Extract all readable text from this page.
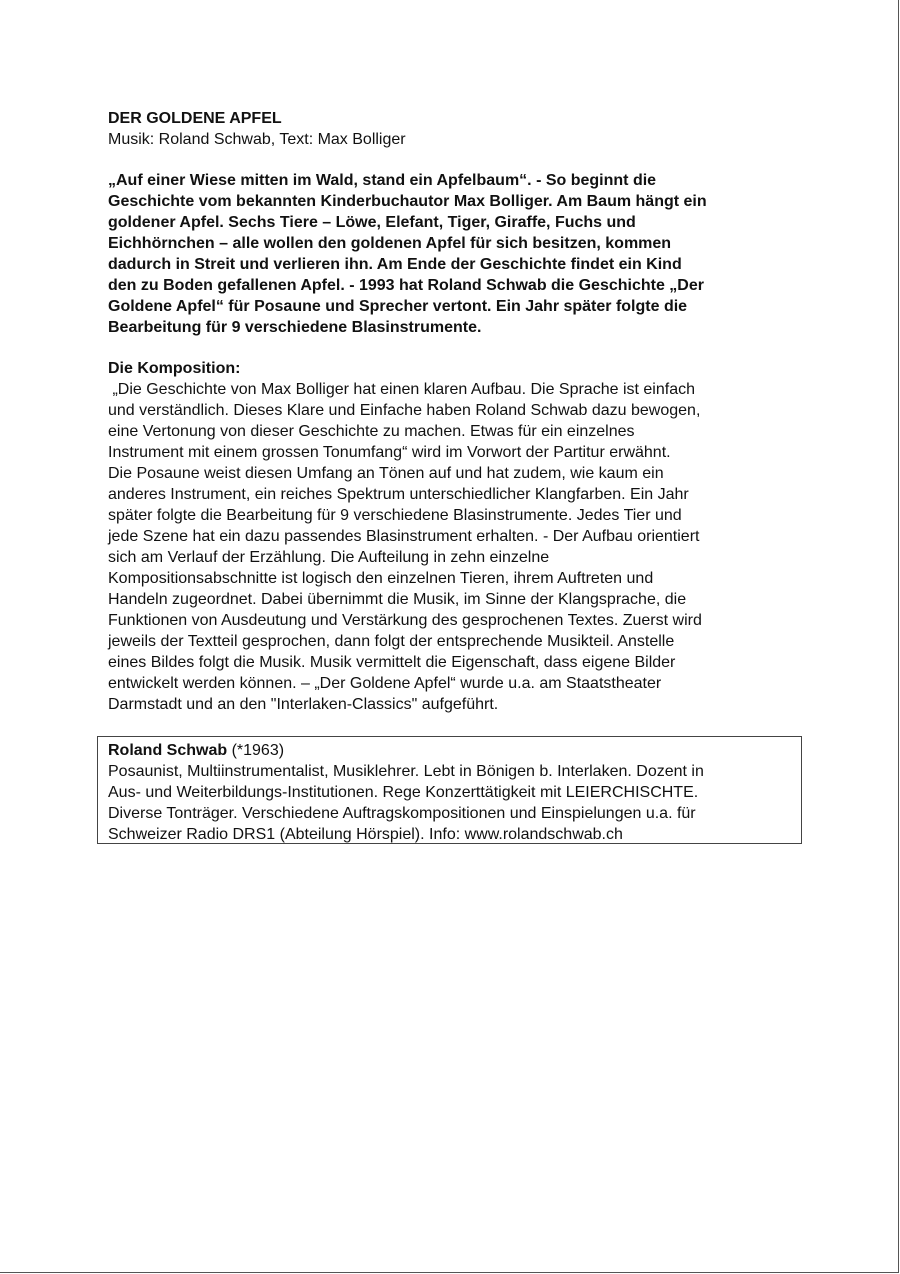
DER GOLDENE APFEL

Musik: Roland Schwab, Text: Max Bolliger

„Auf einer Wiese mitten im Wald, stand ein Apfelbaum“. - So beginnt die
Geschichte vom bekannten Kinderbuchautor Max Bolliger. Am Baum hängt ein
goldener Apfel. Sechs Tiere – Löwe, Elefant, Tiger, Giraffe, Fuchs und
Eichhörnchen – alle wollen den goldenen Apfel für sich besitzen, kommen
dadurch in Streit und verlieren ihn. Am Ende der Geschichte findet ein Kind
den zu Boden gefallenen Apfel. - 1993 hat Roland Schwab die Geschichte „Der
Goldene Apfel“ für Posaune und Sprecher vertont. Ein Jahr später folgte die
Bearbeitung für 9 verschiedene Blasinstrumente.

Die Komposition:

„Die Geschichte von Max Bolliger hat einen klaren Aufbau. Die Sprache ist einfach
und verständlich. Dieses Klare und Einfache haben Roland Schwab dazu bewogen,
eine Vertonung von dieser Geschichte zu machen. Etwas für ein einzelnes
Instrument mit einem grossen Tonumfang“ wird im Vorwort der Partitur erwähnt.
Die Posaune weist diesen Umfang an Tönen auf und hat zudem, wie kaum ein
anderes Instrument, ein reiches Spektrum unterschiedlicher Klangfarben. Ein Jahr
später folgte die Bearbeitung für 9 verschiedene Blasinstrumente. Jedes Tier und
jede Szene hat ein dazu passendes Blasinstrument erhalten. - Der Aufbau orientiert
sich am Verlauf der Erzählung. Die Aufteilung in zehn einzelne
Kompositionsabschnitte ist logisch den einzelnen Tieren, ihrem Auftreten und
Handeln zugeordnet. Dabei übernimmt die Musik, im Sinne der Klangsprache, die
Funktionen von Ausdeutung und Verstärkung des gesprochenen Textes. Zuerst wird
jeweils der Textteil gesprochen, dann folgt der entsprechende Musikteil. Anstelle
eines Bildes folgt die Musik. Musik vermittelt die Eigenschaft, dass eigene Bilder
entwickelt werden können. – „Der Goldene Apfel“ wurde u.a. am Staatstheater
Darmstadt und an den "Interlaken-Classics" aufgeführt.

Roland Schwab (*1963)

Posaunist, Multiinstrumentalist, Musiklehrer. Lebt in Bönigen b. Interlaken. Dozent in
Aus- und Weiterbildungs-Institutionen. Rege Konzerttätigkeit mit LEIERCHISCHTE.
Diverse Tonträger. Verschiedene Auftragskompositionen und Einspielungen u.a. für
Schweizer Radio DRS1 (Abteilung Hörspiel). Info: www.rolandschwab.ch
